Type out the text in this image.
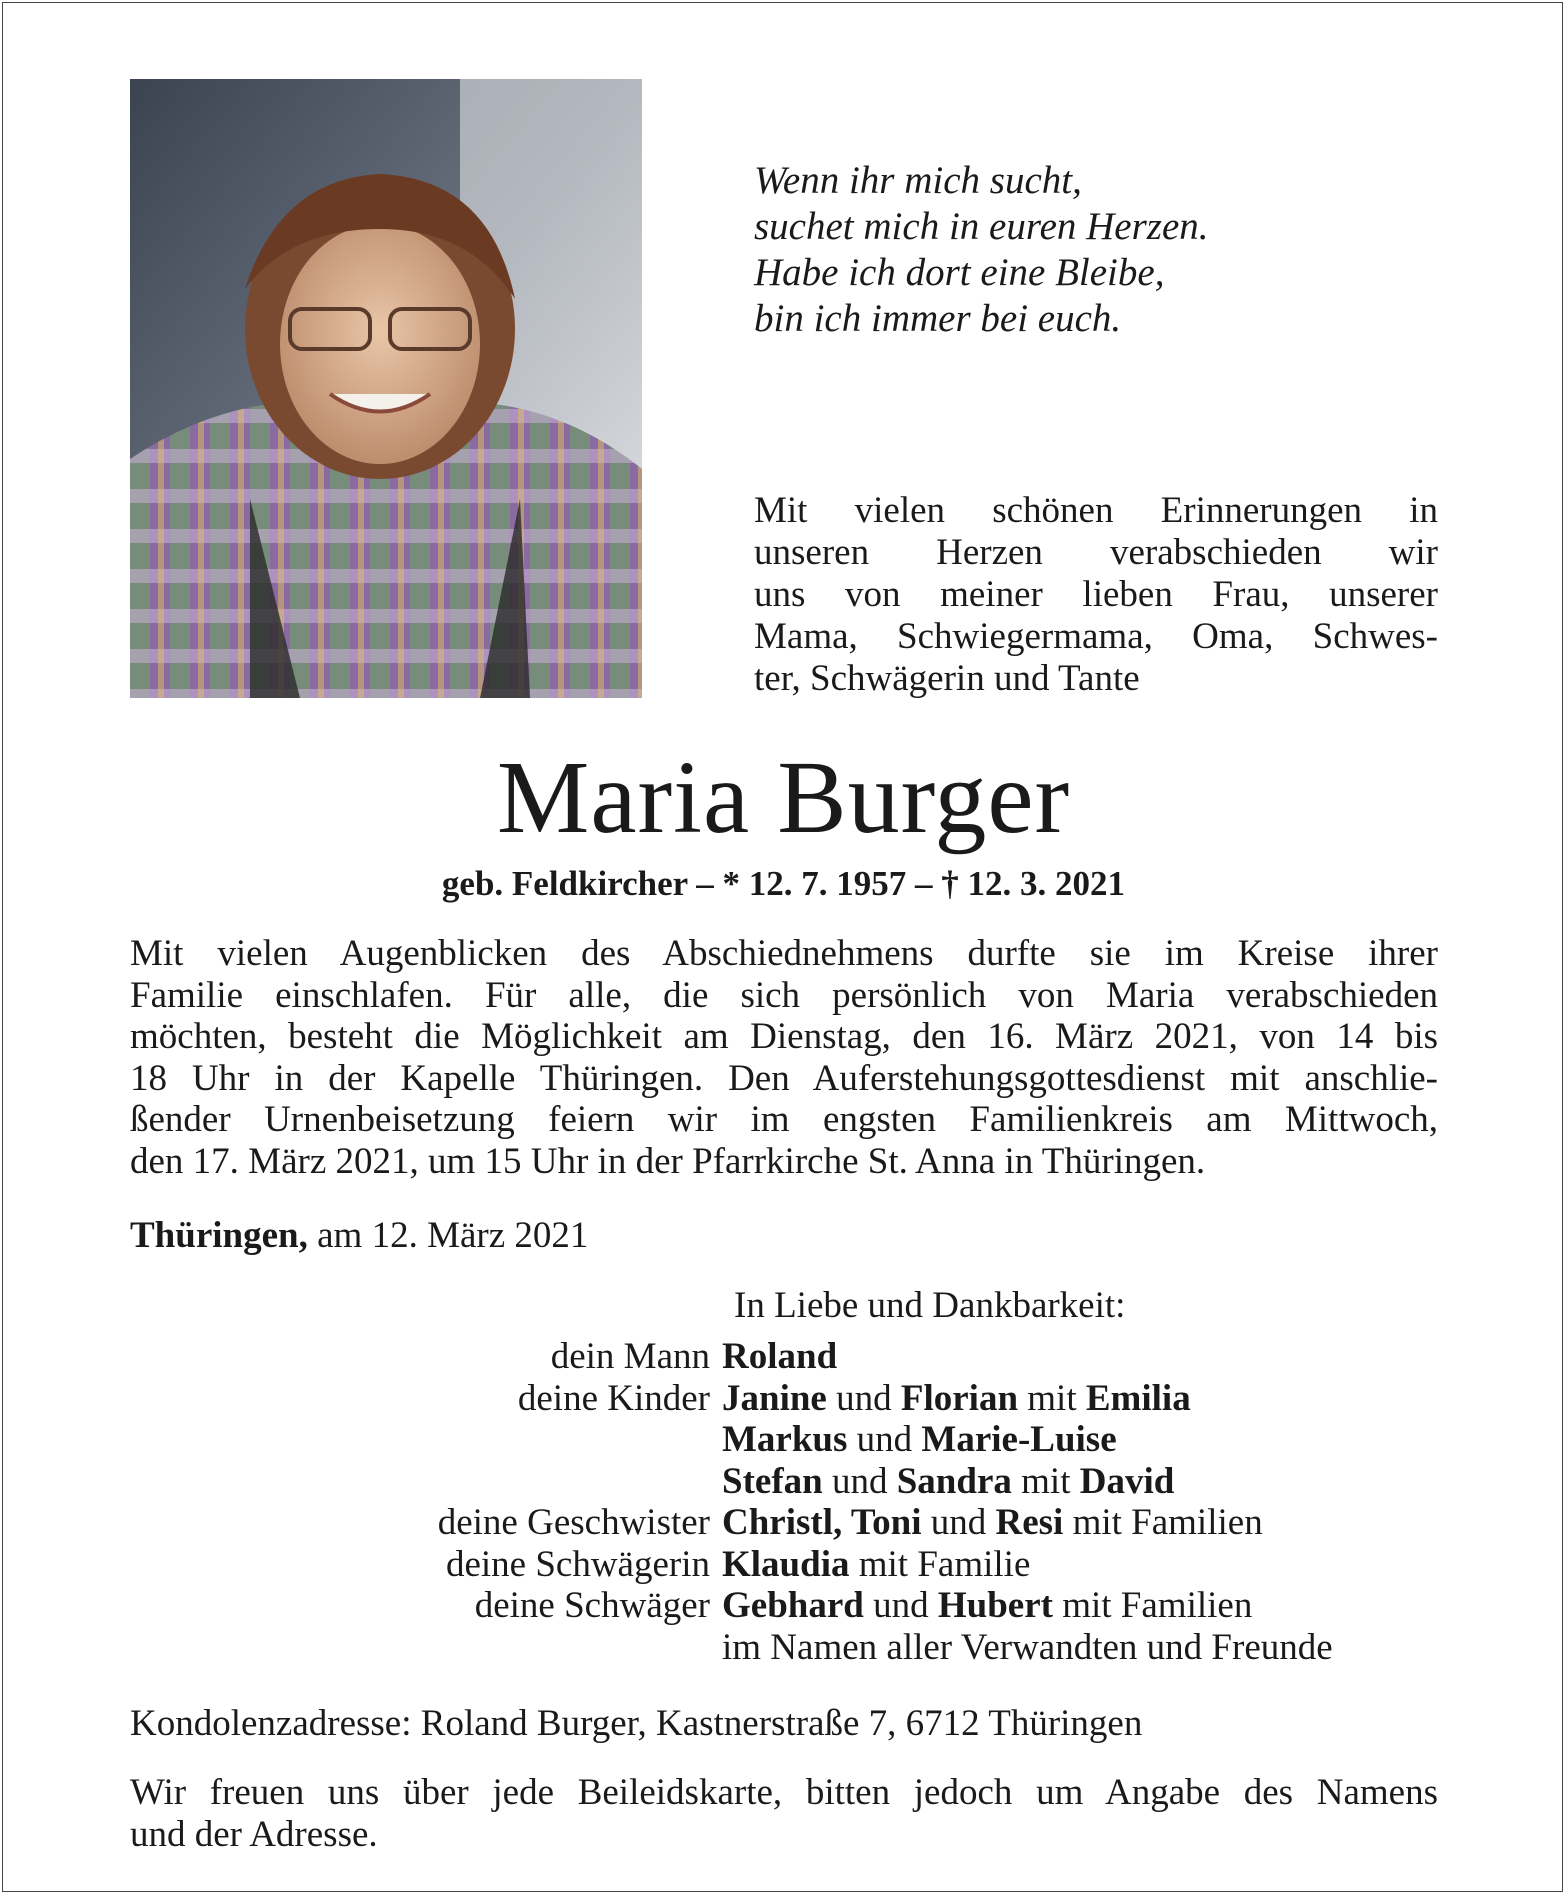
Wenn ihr mich sucht,
suchet mich in euren Herzen.
Habe ich dort eine Bleibe,
bin ich immer bei euch.
Mit vielen schönen Erinnerungen in
unseren Herzen verabschieden wir
uns von meiner lieben Frau, unserer
Mama, Schwiegermama, Oma, Schwes-
ter, Schwägerin und Tante
Maria Burger
geb. Feldkircher – * 12. 7. 1957 – † 12. 3. 2021
Mit vielen Augenblicken des Abschiednehmens durfte sie im Kreise ihrer
Familie einschlafen. Für alle, die sich persönlich von Maria verabschieden
möchten, besteht die Möglichkeit am Dienstag, den 16. März 2021, von 14 bis
18 Uhr in der Kapelle Thüringen. Den Auferstehungsgottesdienst mit anschlie-
ßender Urnenbeisetzung feiern wir im engsten Familienkreis am Mittwoch,
den 17. März 2021, um 15 Uhr in der Pfarrkirche St. Anna in Thüringen.
Thüringen, am 12. März 2021
In Liebe und Dankbarkeit:
dein Mann Roland
deine Kinder Janine und Florian mit Emilia
Markus und Marie-Luise
Stefan und Sandra mit David
deine Geschwister Christl, Toni und Resi mit Familien
deine Schwägerin Klaudia mit Familie
deine Schwäger Gebhard und Hubert mit Familien
im Namen aller Verwandten und Freunde
Kondolenzadresse: Roland Burger, Kastnerstraße 7, 6712 Thüringen
Wir freuen uns über jede Beileidskarte, bitten jedoch um Angabe des Namens
und der Adresse.
